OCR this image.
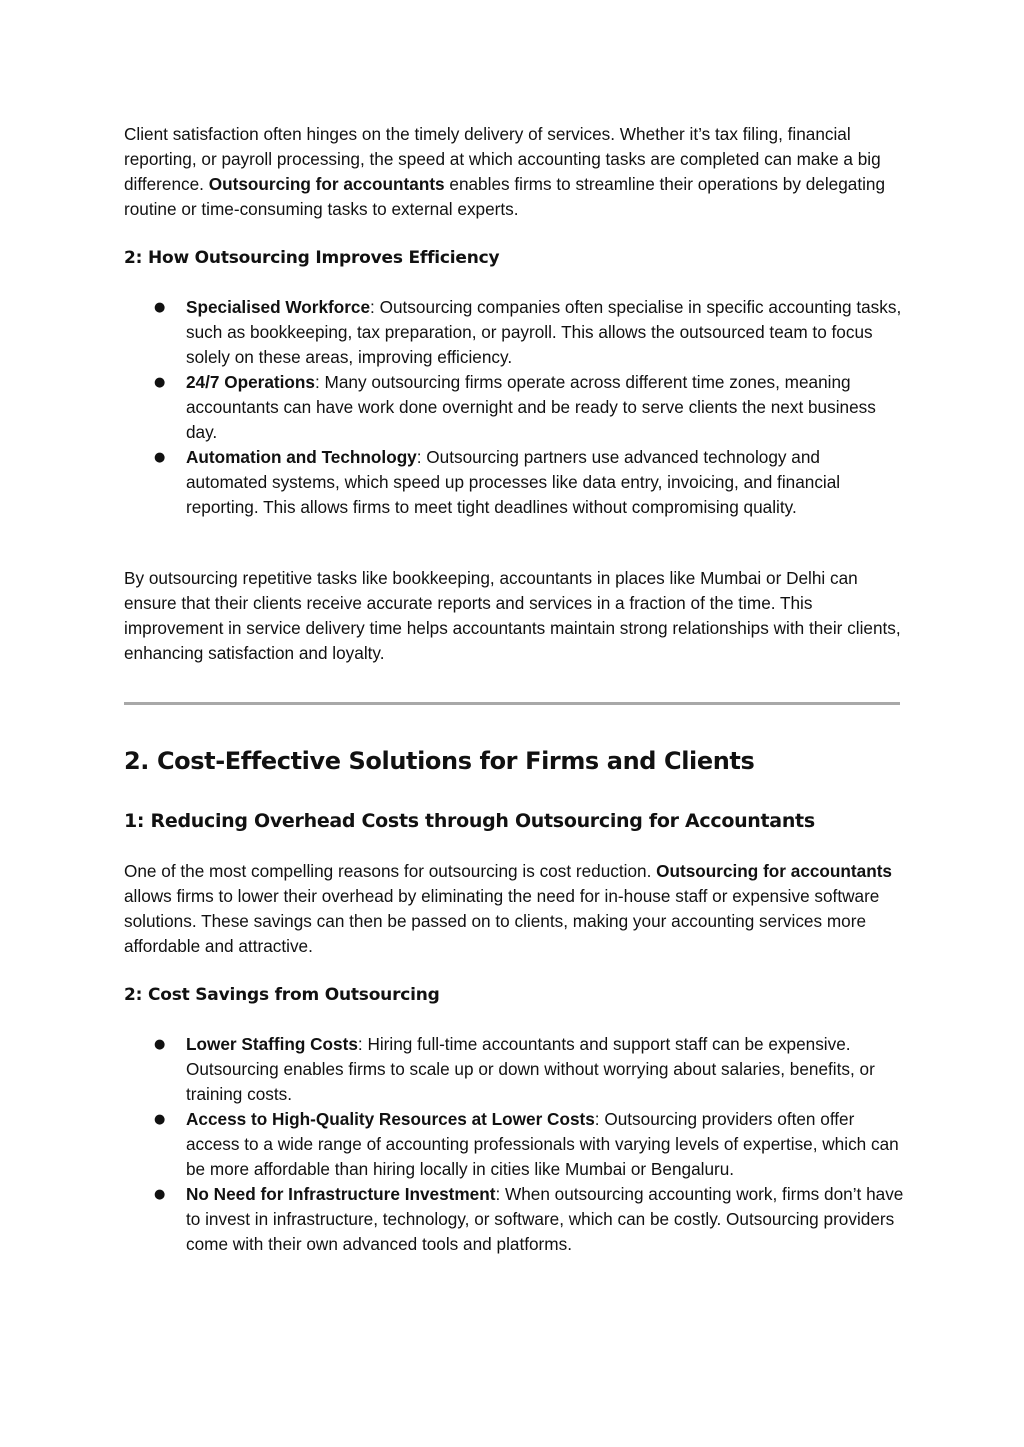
Client satisfaction often hinges on the timely delivery of services. Whether it’s tax filing, financial reporting, or payroll processing, the speed at which accounting tasks are completed can make a big difference. Outsourcing for accountants enables firms to streamline their operations by delegating routine or time-consuming tasks to external experts.

2: How Outsourcing Improves Efficiency
● Specialised Workforce: Outsourcing companies often specialise in specific accounting tasks, such as bookkeeping, tax preparation, or payroll. This allows the outsourced team to focus solely on these areas, improving efficiency.
● 24/7 Operations: Many outsourcing firms operate across different time zones, meaning accountants can have work done overnight and be ready to serve clients the next business day.
● Automation and Technology: Outsourcing partners use advanced technology and automated systems, which speed up processes like data entry, invoicing, and financial reporting. This allows firms to meet tight deadlines without compromising quality.

By outsourcing repetitive tasks like bookkeeping, accountants in places like Mumbai or Delhi can ensure that their clients receive accurate reports and services in a fraction of the time. This improvement in service delivery time helps accountants maintain strong relationships with their clients, enhancing satisfaction and loyalty.

2. Cost-Effective Solutions for Firms and Clients
1: Reducing Overhead Costs through Outsourcing for Accountants

One of the most compelling reasons for outsourcing is cost reduction. Outsourcing for accountants allows firms to lower their overhead by eliminating the need for in-house staff or expensive software solutions. These savings can then be passed on to clients, making your accounting services more affordable and attractive.

2: Cost Savings from Outsourcing
● Lower Staffing Costs: Hiring full-time accountants and support staff can be expensive. Outsourcing enables firms to scale up or down without worrying about salaries, benefits, or training costs.
● Access to High-Quality Resources at Lower Costs: Outsourcing providers often offer access to a wide range of accounting professionals with varying levels of expertise, which can be more affordable than hiring locally in cities like Mumbai or Bengaluru.
● No Need for Infrastructure Investment: When outsourcing accounting work, firms don’t have to invest in infrastructure, technology, or software, which can be costly. Outsourcing providers come with their own advanced tools and platforms.
